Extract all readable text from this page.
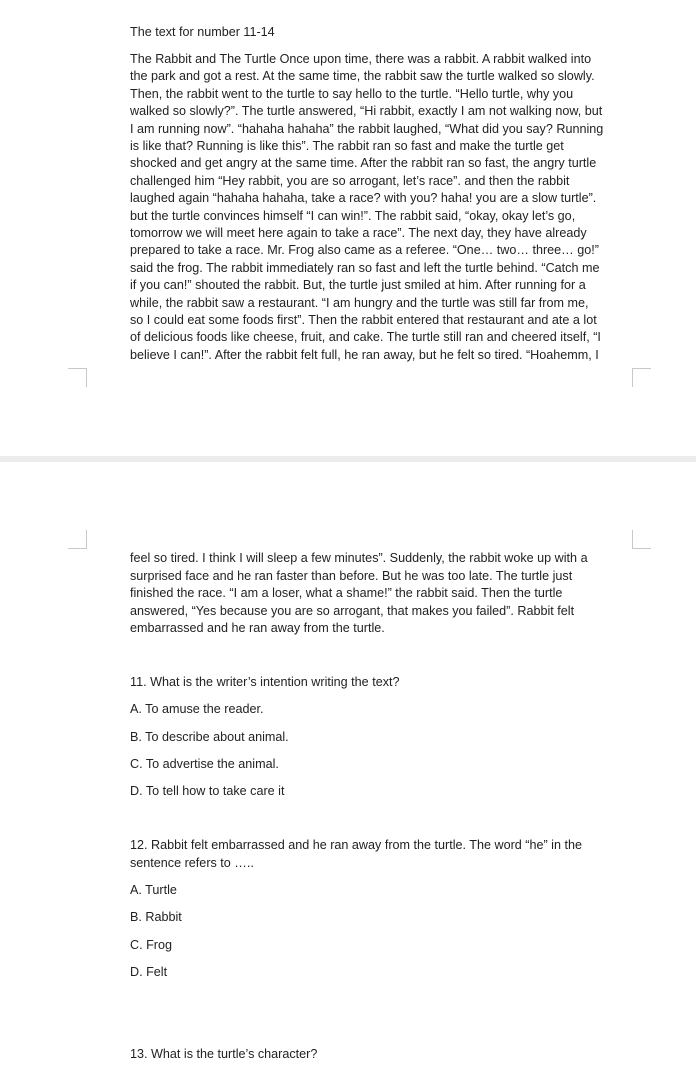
The text for number 11-14
The Rabbit and The Turtle Once upon time, there was a rabbit. A rabbit walked into
the park and got a rest. At the same time, the rabbit saw the turtle walked so slowly.
Then, the rabbit went to the turtle to say hello to the turtle. “Hello turtle, why you
walked so slowly?”. The turtle answered, “Hi rabbit, exactly I am not walking now, but
I am running now”. “hahaha hahaha” the rabbit laughed, “What did you say? Running
is like that? Running is like this”. The rabbit ran so fast and make the turtle get
shocked and get angry at the same time. After the rabbit ran so fast, the angry turtle
challenged him “Hey rabbit, you are so arrogant, let’s race”. and then the rabbit
laughed again “hahaha hahaha, take a race? with you? haha! you are a slow turtle”.
but the turtle convinces himself “I can win!”. The rabbit said, “okay, okay let’s go,
tomorrow we will meet here again to take a race”. The next day, they have already
prepared to take a race. Mr. Frog also came as a referee. “One… two… three… go!”
said the frog. The rabbit immediately ran so fast and left the turtle behind. “Catch me
if you can!” shouted the rabbit. But, the turtle just smiled at him. After running for a
while, the rabbit saw a restaurant. “I am hungry and the turtle was still far from me,
so I could eat some foods first”. Then the rabbit entered that restaurant and ate a lot
of delicious foods like cheese, fruit, and cake. The turtle still ran and cheered itself, “I
believe I can!”. After the rabbit felt full, he ran away, but he felt so tired. “Hoahemm, I
feel so tired. I think I will sleep a few minutes”. Suddenly, the rabbit woke up with a
surprised face and he ran faster than before. But he was too late. The turtle just
finished the race. “I am a loser, what a shame!” the rabbit said. Then the turtle
answered, “Yes because you are so arrogant, that makes you failed”. Rabbit felt
embarrassed and he ran away from the turtle.
11. What is the writer’s intention writing the text?
A. To amuse the reader.
B. To describe about animal.
C. To advertise the animal.
D. To tell how to take care it
12. Rabbit felt embarrassed and he ran away from the turtle. The word “he” in the
sentence refers to …..
A. Turtle
B. Rabbit
C. Frog
D. Felt
13. What is the turtle’s character?
